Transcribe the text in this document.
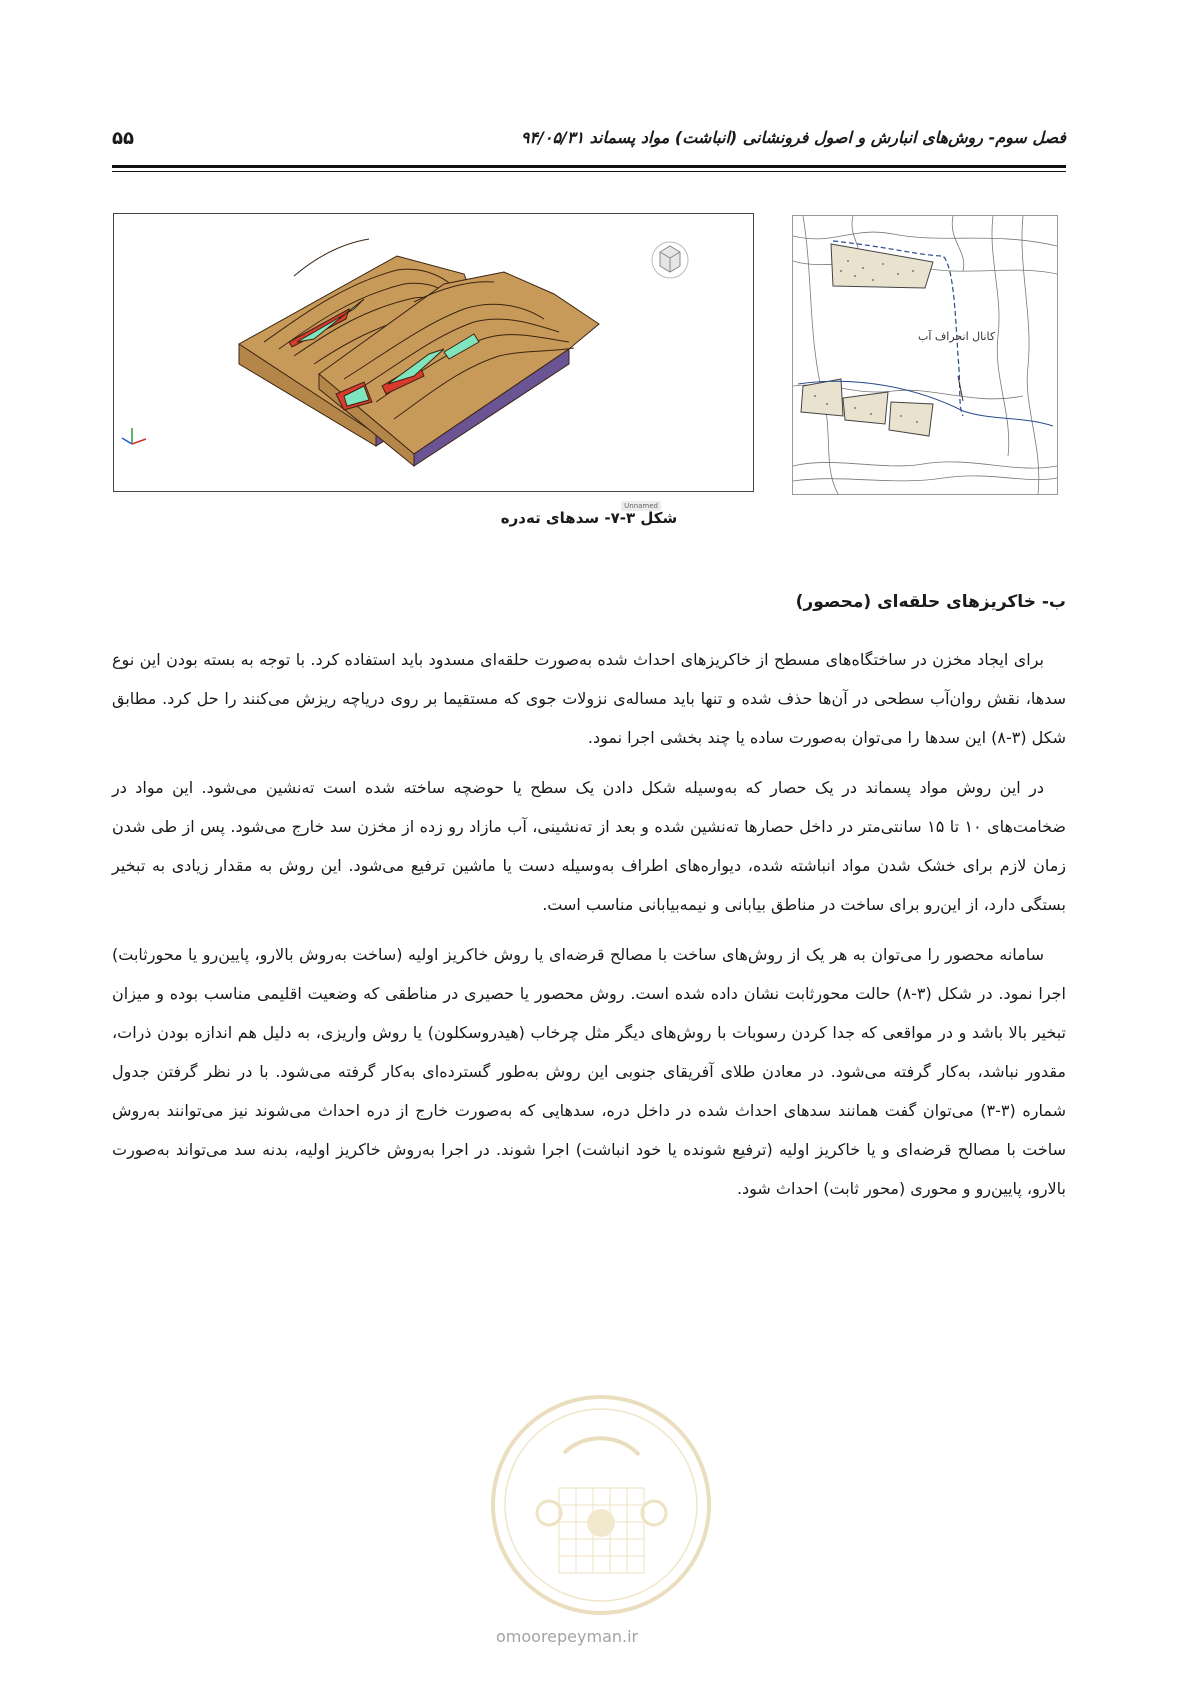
فصل سوم- روش‌های انبارش و اصول فرونشانی (انباشت) مواد پسماند ۹۴/۰۵/۳۱
۵۵
Unnamed
کانال انحراف آب
شکل ۳-۷- سدهای ته‌دره
ب- خاکریزهای حلقه‌ای (محصور)

برای ایجاد مخزن در ساختگاه‌های مسطح از خاکریزهای احداث شده به‌صورت حلقه‌ای مسدود باید استفاده کرد. با توجه به بسته بودن این نوع سدها، نقش روان‌آب سطحی در آن‌ها حذف شده و تنها باید مساله‌ی نزولات جوی که مستقیما بر روی دریاچه ریزش می‌کنند را حل کرد. مطابق شکل (۳-۸) این سدها را می‌توان به‌صورت ساده یا چند بخشی اجرا نمود.

در این روش مواد پسماند در یک حصار که به‌وسیله شکل دادن یک سطح یا حوضچه ساخته شده است ته‌نشین می‌شود. این مواد در ضخامت‌های ۱۰ تا ۱۵ سانتی‌متر در داخل حصارها ته‌نشین شده و بعد از ته‌نشینی، آب مازاد رو زده از مخزن سد خارج می‌شود. پس از طی شدن زمان لازم برای خشک شدن مواد انباشته شده، دیواره‌های اطراف به‌وسیله دست یا ماشین ترفیع می‌شود. این روش به مقدار زیادی به تبخیر بستگی دارد، از این‌رو برای ساخت در مناطق بیابانی و نیمه‌بیابانی مناسب است.

سامانه محصور را می‌توان به هر یک از روش‌های ساخت با مصالح قرضه‌ای یا روش خاکریز اولیه (ساخت به‌روش بالارو، پایین‌رو یا محورثابت) اجرا نمود. در شکل (۳-۸) حالت محورثابت نشان داده شده است. روش محصور یا حصیری در مناطقی که وضعیت اقلیمی مناسب بوده و میزان تبخیر بالا باشد و در مواقعی که جدا کردن رسوبات با روش‌های دیگر مثل چرخاب (هیدروسکلون) یا روش واریزی، به دلیل هم اندازه بودن ذرات، مقدور نباشد، به‌کار گرفته می‌شود. در معادن طلای آفریقای جنوبی این روش به‌طور گسترده‌ای به‌کار گرفته می‌شود. با در نظر گرفتن جدول شماره (۳-۳) می‌توان گفت همانند سدهای احداث شده در داخل دره، سدهایی که به‌صورت خارج از دره احداث می‌شوند نیز می‌توانند به‌روش ساخت با مصالح قرضه‌ای و یا خاکریز اولیه (ترفیع شونده یا خود انباشت) اجرا شوند. در اجرا به‌روش خاکریز اولیه، بدنه سد می‌تواند به‌صورت بالارو، پایین‌رو و محوری (محور ثابت) احداث شود.

omoorepeyman.ir
